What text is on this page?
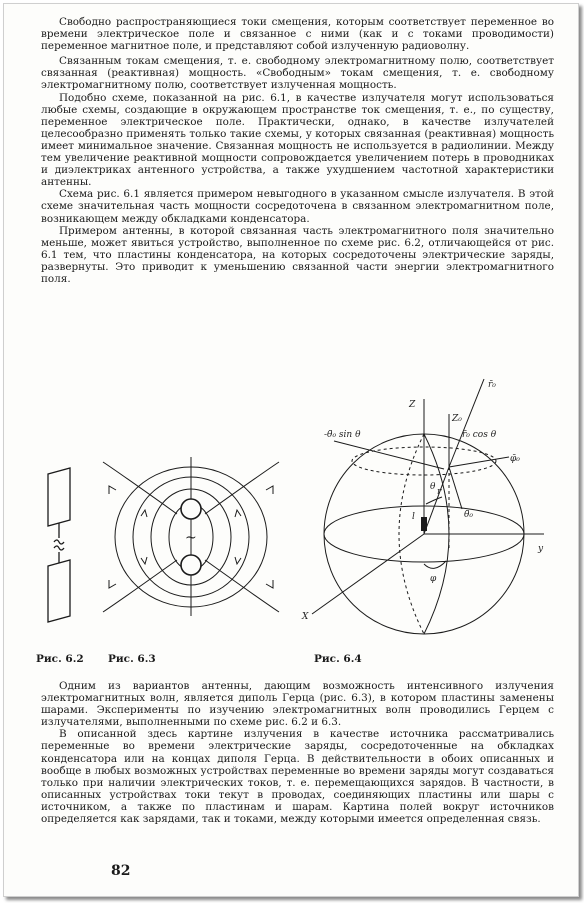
Свободно распространяющиеся токи смещения, которым соответствует переменное во времени электрическое поле и связанное с ними (как и с токами проводимости) переменное магнитное поле, и представляют собой излученную радиоволну.

Связанным токам смещения, т. е. свободному электромагнитному полю, соответствует связанная (реактивная) мощность. «Свободным» токам смещения, т. е. свободному электромагнитному полю, соответствует излученная мощность.

Подобно схеме, показанной на рис. 6.1, в качестве излучателя могут использоваться любые схемы, создающие в окружающем пространстве ток смещения, т. е., по существу, переменное электрическое поле. Практически, однако, в качестве излучателей целесообразно применять только такие схемы, у которых связанная (реактивная) мощность имеет минимальное значение. Связанная мощность не используется в радиолинии. Между тем увеличение реактивной мощности сопровождается увеличением потерь в проводниках и диэлектриках антенного устройства, а также ухудшением частотной характеристики антенны.

Схема рис. 6.1 является примером невыгодного в указанном смысле излучателя. В этой схеме значительная часть мощности сосредоточена в связанном электромагнитном поле, возникающем между обкладками конденсатора.

Примером антенны, в которой связанная часть электромагнитного поля значительно меньше, может явиться устройство, выполненное по схеме рис. 6.2, отличающейся от рис. 6.1 тем, что пластины конденсатора, на которых сосредоточены электрические заряды, развернуты. Это приводит к уменьшению связанной части энергии электромагнитного поля.

~
Z
y
X
r
θ
φ
l	θ̄₀
φ̄₀
Z₀
r̄₀
-θ̄₀ sin θ	r̄₀ cos θ
Рис. 6.2 Рис. 6.3	Рис. 6.4

Одним из вариантов антенны, дающим возможность интенсивного излучения электромагнитных волн, является диполь Герца (рис. 6.3), в котором пластины заменены шарами. Эксперименты по изучению электромагнитных волн проводились Герцем с излучателями, выполненными по схеме рис. 6.2 и 6.3.

В описанной здесь картине излучения в качестве источника рассматривались переменные во времени электрические заряды, сосредоточенные на обкладках конденсатора или на концах диполя Герца. В действительности в обоих описанных и вообще в любых возможных устройствах переменные во времени заряды могут создаваться только при наличии электрических токов, т. е. перемещающихся зарядов. В частности, в описанных устройствах токи текут в проводах, соединяющих пластины или шары с источником, а также по пластинам и шарам. Картина полей вокруг источников определяется как зарядами, так и токами, между которыми имеется определенная связь.

82
